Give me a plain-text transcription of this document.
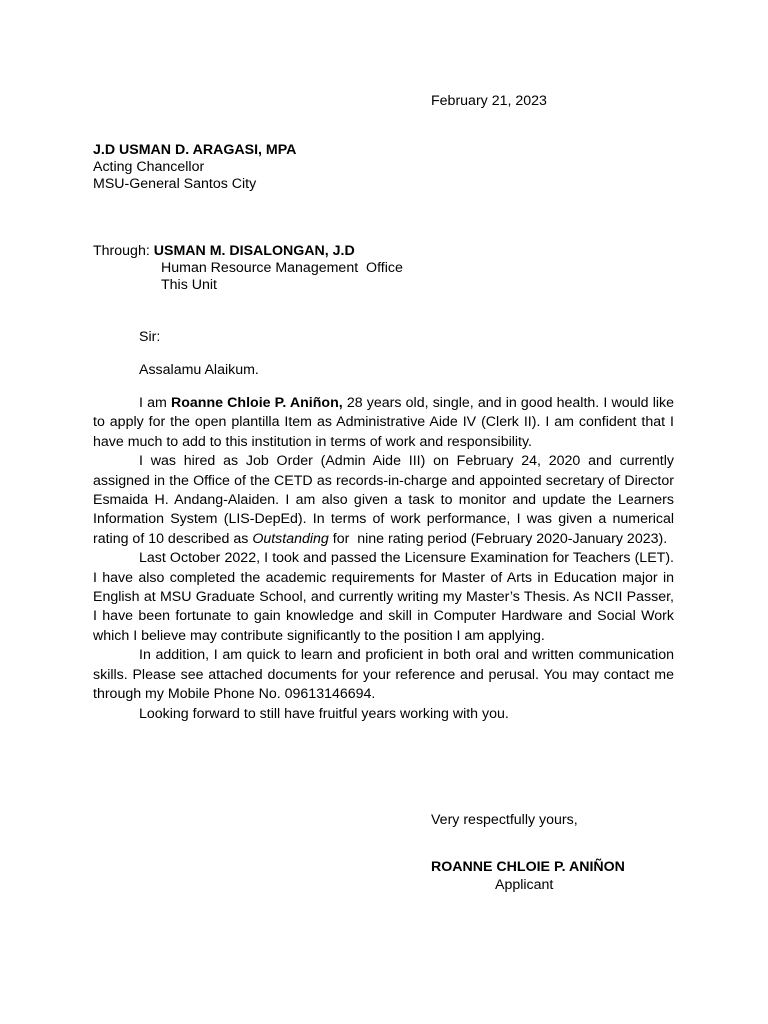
February 21, 2023
J.D USMAN D. ARAGASI, MPA
Acting Chancellor
MSU-General Santos City
Through: USMAN M. DISALONGAN, J.D
Human Resource Management  Office
This Unit
Sir:
Assalamu Alaikum.

I am Roanne Chloie P. Aniñon, 28 years old, single, and in good health. I would like to apply for the open plantilla Item as Administrative Aide IV (Clerk II). I am confident that I have much to add to this institution in terms of work and responsibility.

I was hired as Job Order (Admin Aide III) on February 24, 2020 and currently assigned in the Office of the CETD as records-in-charge and appointed secretary of Director Esmaida H. Andang-Alaiden. I am also given a task to monitor and update the Learners Information System (LIS-DepEd). In terms of work performance, I was given a numerical rating of 10 described as Outstanding for  nine rating period (February 2020-January 2023).

Last October 2022, I took and passed the Licensure Examination for Teachers (LET). I have also completed the academic requirements for Master of Arts in Education major in English at MSU Graduate School, and currently writing my Master’s Thesis. As NCII Passer, I have been fortunate to gain knowledge and skill in Computer Hardware and Social Work which I believe may contribute significantly to the position I am applying.

In addition, I am quick to learn and proficient in both oral and written communication skills. Please see attached documents for your reference and perusal. You may contact me through my Mobile Phone No. 09613146694.

Looking forward to still have fruitful years working with you.

Very respectfully yours,
ROANNE CHLOIE P. ANIÑON
Applicant
